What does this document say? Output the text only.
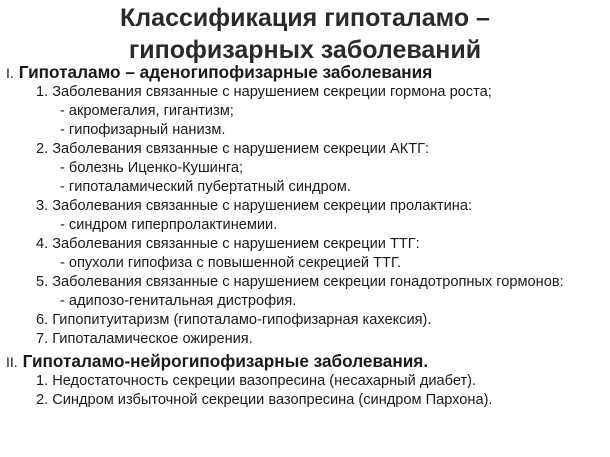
Классификация гипоталамо –
гипофизарных заболеваний
I. Гипоталамо – аденогипофизарные заболевания
1. Заболевания связанные с нарушением секреции гормона роста;
- акромегалия, гигантизм;
- гипофизарный нанизм.
2. Заболевания связанные с нарушением секреции АКТГ:
- болезнь Иценко-Кушинга;
- гипоталамический пубертатный синдром.
3. Заболевания связанные с нарушением секреции пролактина:
- синдром гиперпролактинемии.
4. Заболевания связанные с нарушением секреции ТТГ:
- опухоли гипофиза с повышенной секрецией ТТГ.
5. Заболевания связанные с нарушением секреции гонадотропных гормонов:
- адипозо-генитальная дистрофия.
6. Гипопитуитаризм (гипоталамо-гипофизарная кахексия).
7. Гипоталамическое ожирения.
II. Гипоталамо-нейрогипофизарные заболевания.
1. Недостаточность секреции вазопресина (несахарный диабет).
2. Синдром избыточной секреции вазопресина (синдром Пархона).
